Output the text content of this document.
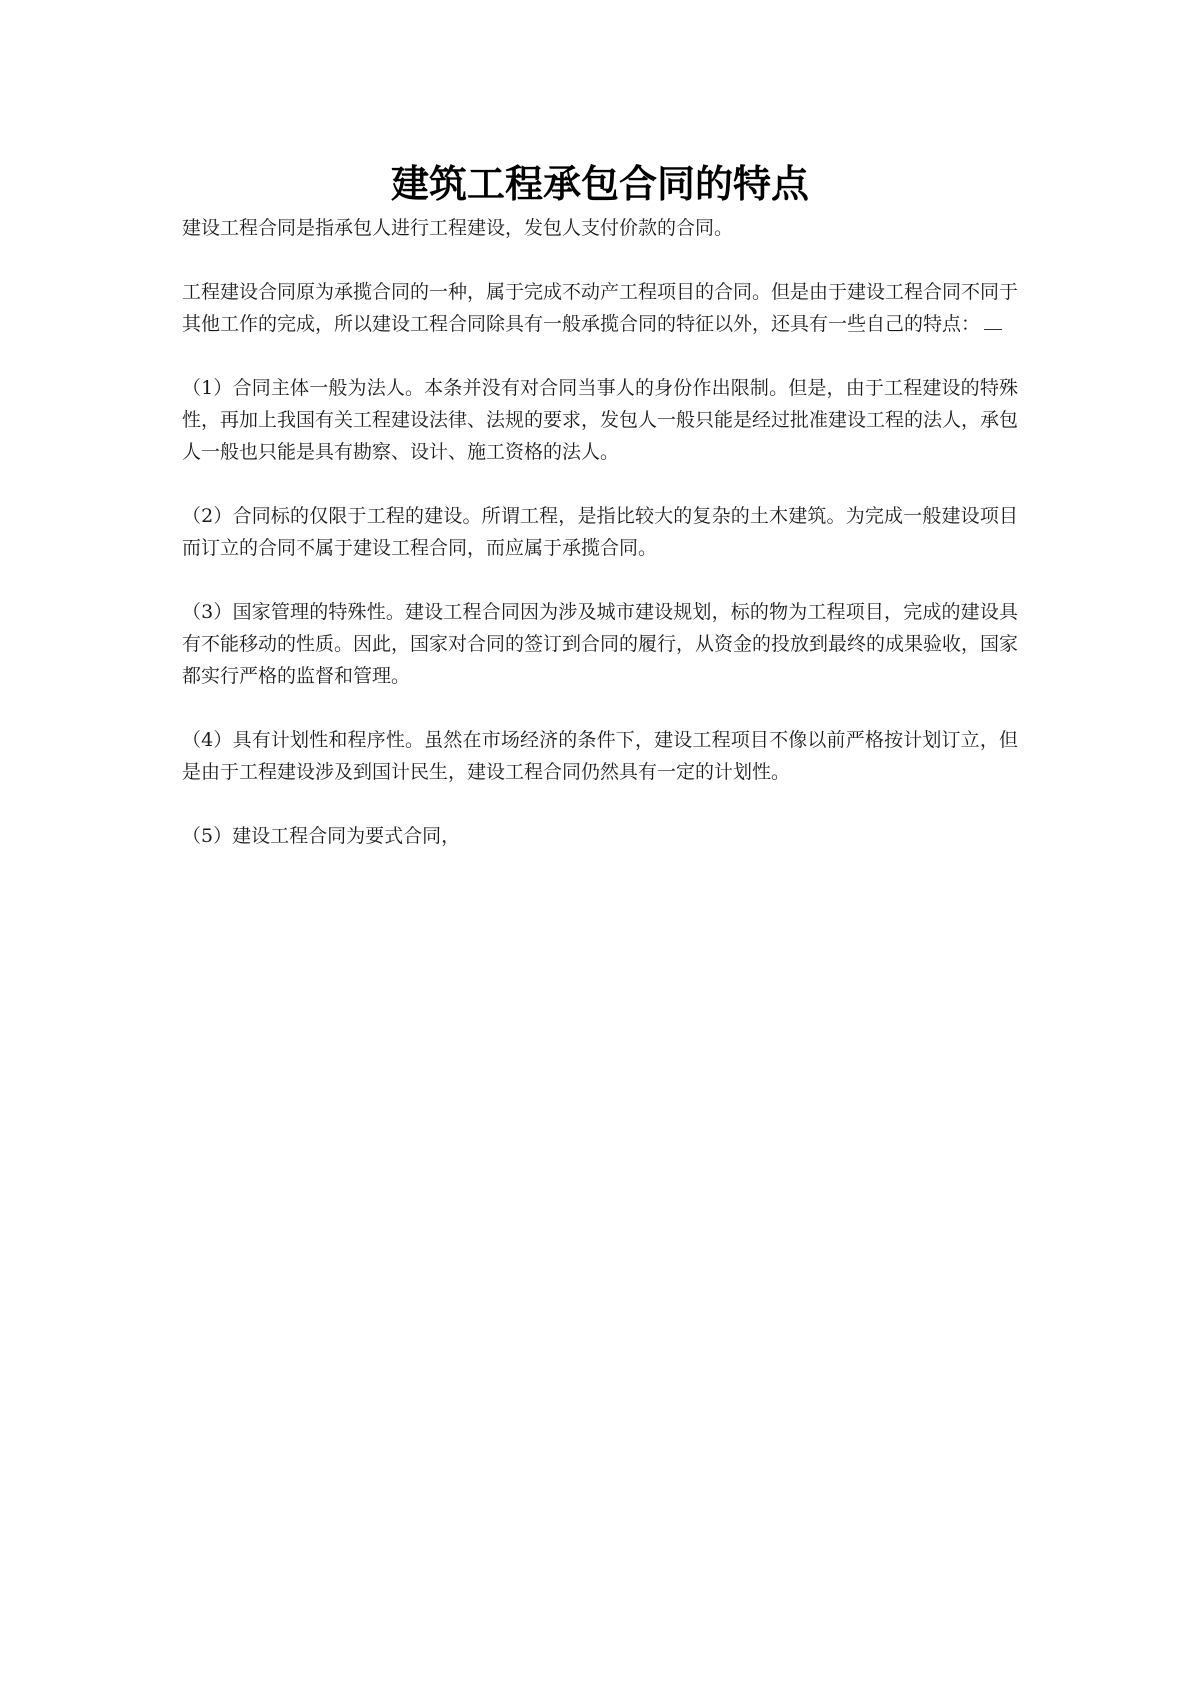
建筑工程承包合同的特点

建设工程合同是指承包人进行工程建设，发包人支付价款的合同。

工程建设合同原为承揽合同的一种，属于完成不动产工程项目的合同。但是由于建设工程合同不同于其他工作的完成，所以建设工程合同除具有一般承揽合同的特征以外，还具有一些自己的特点：

（1）合同主体一般为法人。本条并没有对合同当事人的身份作出限制。但是，由于工程建设的特殊性，再加上我国有关工程建设法律、法规的要求，发包人一般只能是经过批准建设工程的法人，承包人一般也只能是具有勘察、设计、施工资格的法人。

（2）合同标的仅限于工程的建设。所谓工程，是指比较大的复杂的土木建筑。为完成一般建设项目而订立的合同不属于建设工程合同，而应属于承揽合同。

（3）国家管理的特殊性。建设工程合同因为涉及城市建设规划，标的物为工程项目，完成的建设具有不能移动的性质。因此，国家对合同的签订到合同的履行，从资金的投放到最终的成果验收，国家都实行严格的监督和管理。

（4）具有计划性和程序性。虽然在市场经济的条件下，建设工程项目不像以前严格按计划订立，但是由于工程建设涉及到国计民生，建设工程合同仍然具有一定的计划性。

（5）建设工程合同为要式合同，
